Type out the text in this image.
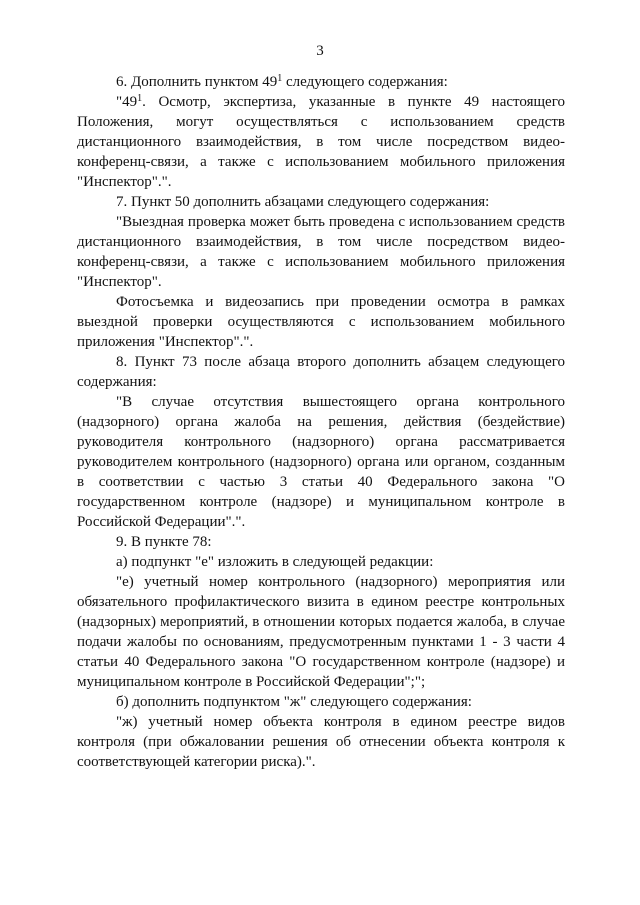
3

6. Дополнить пунктом $49^1$ следующего содержания:

"$49^1$. Осмотр, экспертиза, указанные в пункте 49 настоящего Положения, могут осуществляться с использованием средств дистанционного взаимодействия, в том числе посредством видео-конференц-связи, а также с использованием мобильного приложения "Инспектор".".

7. Пункт 50 дополнить абзацами следующего содержания:

"Выездная проверка может быть проведена с использованием средств дистанционного взаимодействия, в том числе посредством видео-конференц-связи, а также с использованием мобильного приложения "Инспектор".

Фотосъемка и видеозапись при проведении осмотра в рамках выездной проверки осуществляются с использованием мобильного приложения "Инспектор".".

8. Пункт 73 после абзаца второго дополнить абзацем следующего содержания:

"В случае отсутствия вышестоящего органа контрольного (надзорного) органа жалоба на решения, действия (бездействие) руководителя контрольного (надзорного) органа рассматривается руководителем контрольного (надзорного) органа или органом, созданным в соответствии с частью 3 статьи 40 Федерального закона "О государственном контроле (надзоре) и муниципальном контроле в Российской Федерации".".

9. В пункте 78:

а) подпункт "е" изложить в следующей редакции:

"е) учетный номер контрольного (надзорного) мероприятия или обязательного профилактического визита в едином реестре контрольных (надзорных) мероприятий, в отношении которых подается жалоба, в случае подачи жалобы по основаниям, предусмотренным пунктами 1 - 3 части 4 статьи 40 Федерального закона "О государственном контроле (надзоре) и муниципальном контроле в Российской Федерации";";

б) дополнить подпунктом "ж" следующего содержания:

"ж) учетный номер объекта контроля в едином реестре видов контроля (при обжаловании решения об отнесении объекта контроля к соответствующей категории риска).".
